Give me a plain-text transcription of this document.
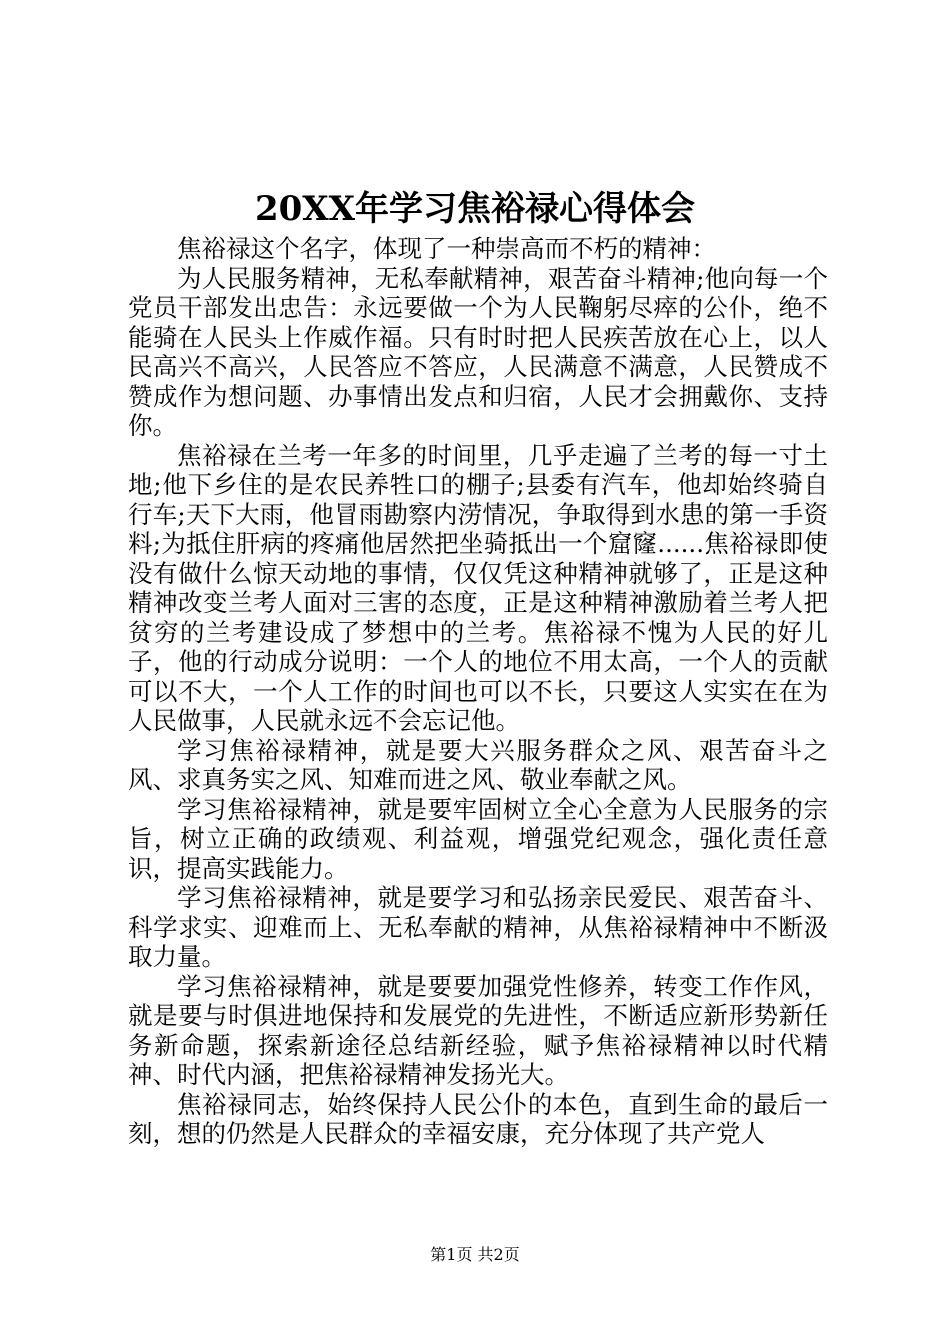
20XX年学习焦裕禄心得体会

焦裕禄这个名字，体现了一种崇高而不朽的精神：

为人民服务精神，无私奉献精神，艰苦奋斗精神;他向每一个党员干部发出忠告：永远要做一个为人民鞠躬尽瘁的公仆，绝不能骑在人民头上作威作福。只有时时把人民疾苦放在心上，以人民高兴不高兴，人民答应不答应，人民满意不满意，人民赞成不赞成作为想问题、办事情出发点和归宿，人民才会拥戴你、支持你。

焦裕禄在兰考一年多的时间里，几乎走遍了兰考的每一寸土地;他下乡住的是农民养牲口的棚子;县委有汽车，他却始终骑自行车;天下大雨，他冒雨勘察内涝情况，争取得到水患的第一手资料;为抵住肝病的疼痛他居然把坐骑抵出一个窟窿......焦裕禄即使没有做什么惊天动地的事情，仅仅凭这种精神就够了，正是这种精神改变兰考人面对三害的态度，正是这种精神激励着兰考人把贫穷的兰考建设成了梦想中的兰考。焦裕禄不愧为人民的好儿子，他的行动成分说明：一个人的地位不用太高，一个人的贡献可以不大，一个人工作的时间也可以不长，只要这人实实在在为人民做事，人民就永远不会忘记他。

学习焦裕禄精神，就是要大兴服务群众之风、艰苦奋斗之风、求真务实之风、知难而进之风、敬业奉献之风。

学习焦裕禄精神，就是要牢固树立全心全意为人民服务的宗旨，树立正确的政绩观、利益观，增强党纪观念，强化责任意识，提高实践能力。

学习焦裕禄精神，就是要学习和弘扬亲民爱民、艰苦奋斗、科学求实、迎难而上、无私奉献的精神，从焦裕禄精神中不断汲取力量。

学习焦裕禄精神，就是要要加强党性修养，转变工作作风，就是要与时俱进地保持和发展党的先进性，不断适应新形势新任务新命题，探索新途径总结新经验，赋予焦裕禄精神以时代精神、时代内涵，把焦裕禄精神发扬光大。

焦裕禄同志，始终保持人民公仆的本色，直到生命的最后一刻，想的仍然是人民群众的幸福安康，充分体现了共产党人

第1页 共2页
